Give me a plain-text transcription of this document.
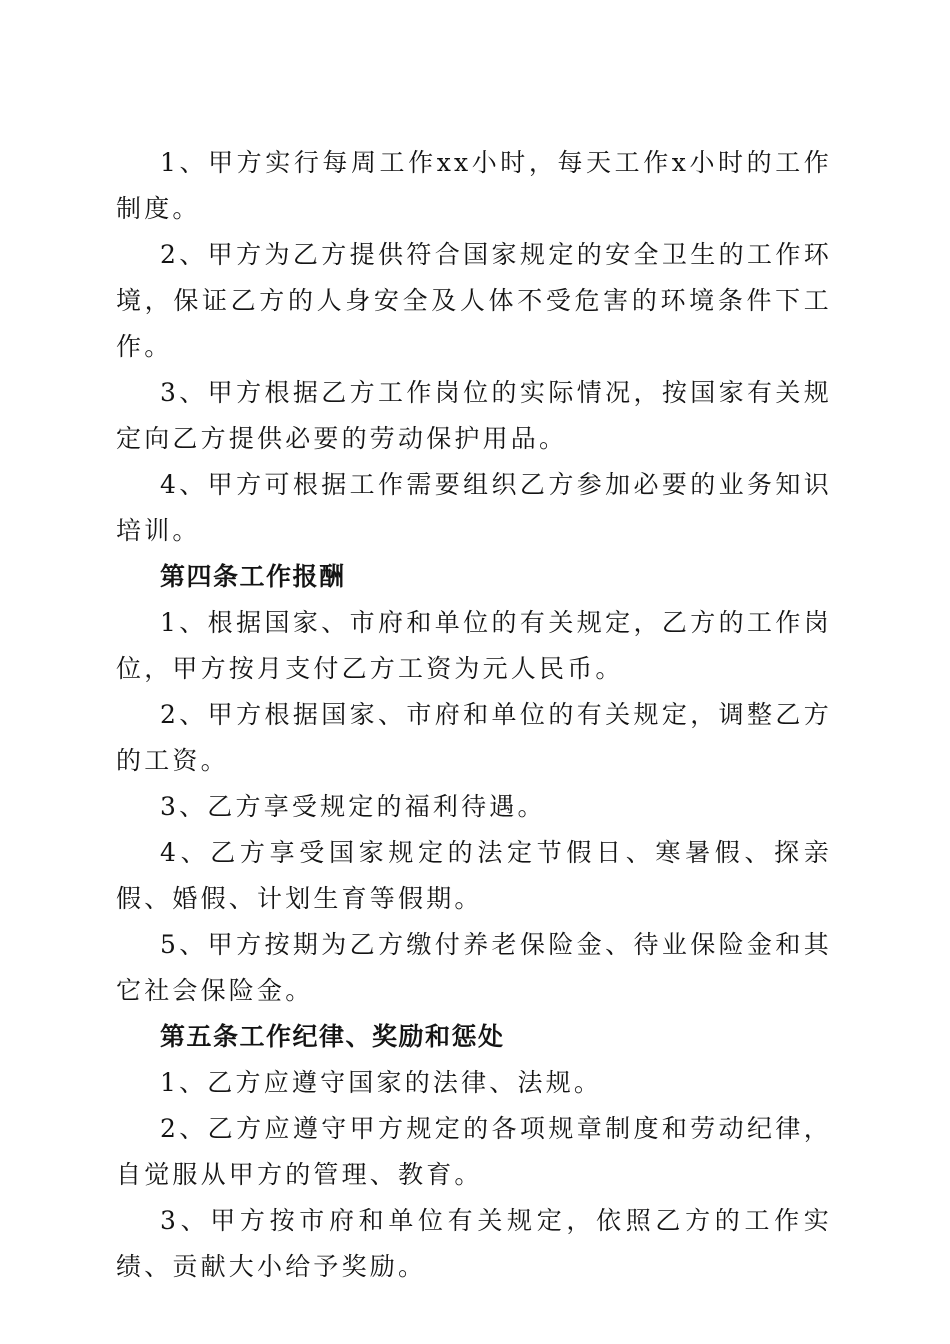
1、甲方实行每周工作xx小时，每天工作x小时的工作制度。

2、甲方为乙方提供符合国家规定的安全卫生的工作环境，保证乙方的人身安全及人体不受危害的环境条件下工作。

3、甲方根据乙方工作岗位的实际情况，按国家有关规定向乙方提供必要的劳动保护用品。

4、甲方可根据工作需要组织乙方参加必要的业务知识培训。

第四条工作报酬

1、根据国家、市府和单位的有关规定，乙方的工作岗位，甲方按月支付乙方工资为元人民币。

2、甲方根据国家、市府和单位的有关规定，调整乙方的工资。

3、乙方享受规定的福利待遇。

4、乙方享受国家规定的法定节假日、寒暑假、探亲假、婚假、计划生育等假期。

5、甲方按期为乙方缴付养老保险金、待业保险金和其它社会保险金。

第五条工作纪律、奖励和惩处

1、乙方应遵守国家的法律、法规。

2、乙方应遵守甲方规定的各项规章制度和劳动纪律，自觉服从甲方的管理、教育。

3、甲方按市府和单位有关规定，依照乙方的工作实绩、贡献大小给予奖励。
